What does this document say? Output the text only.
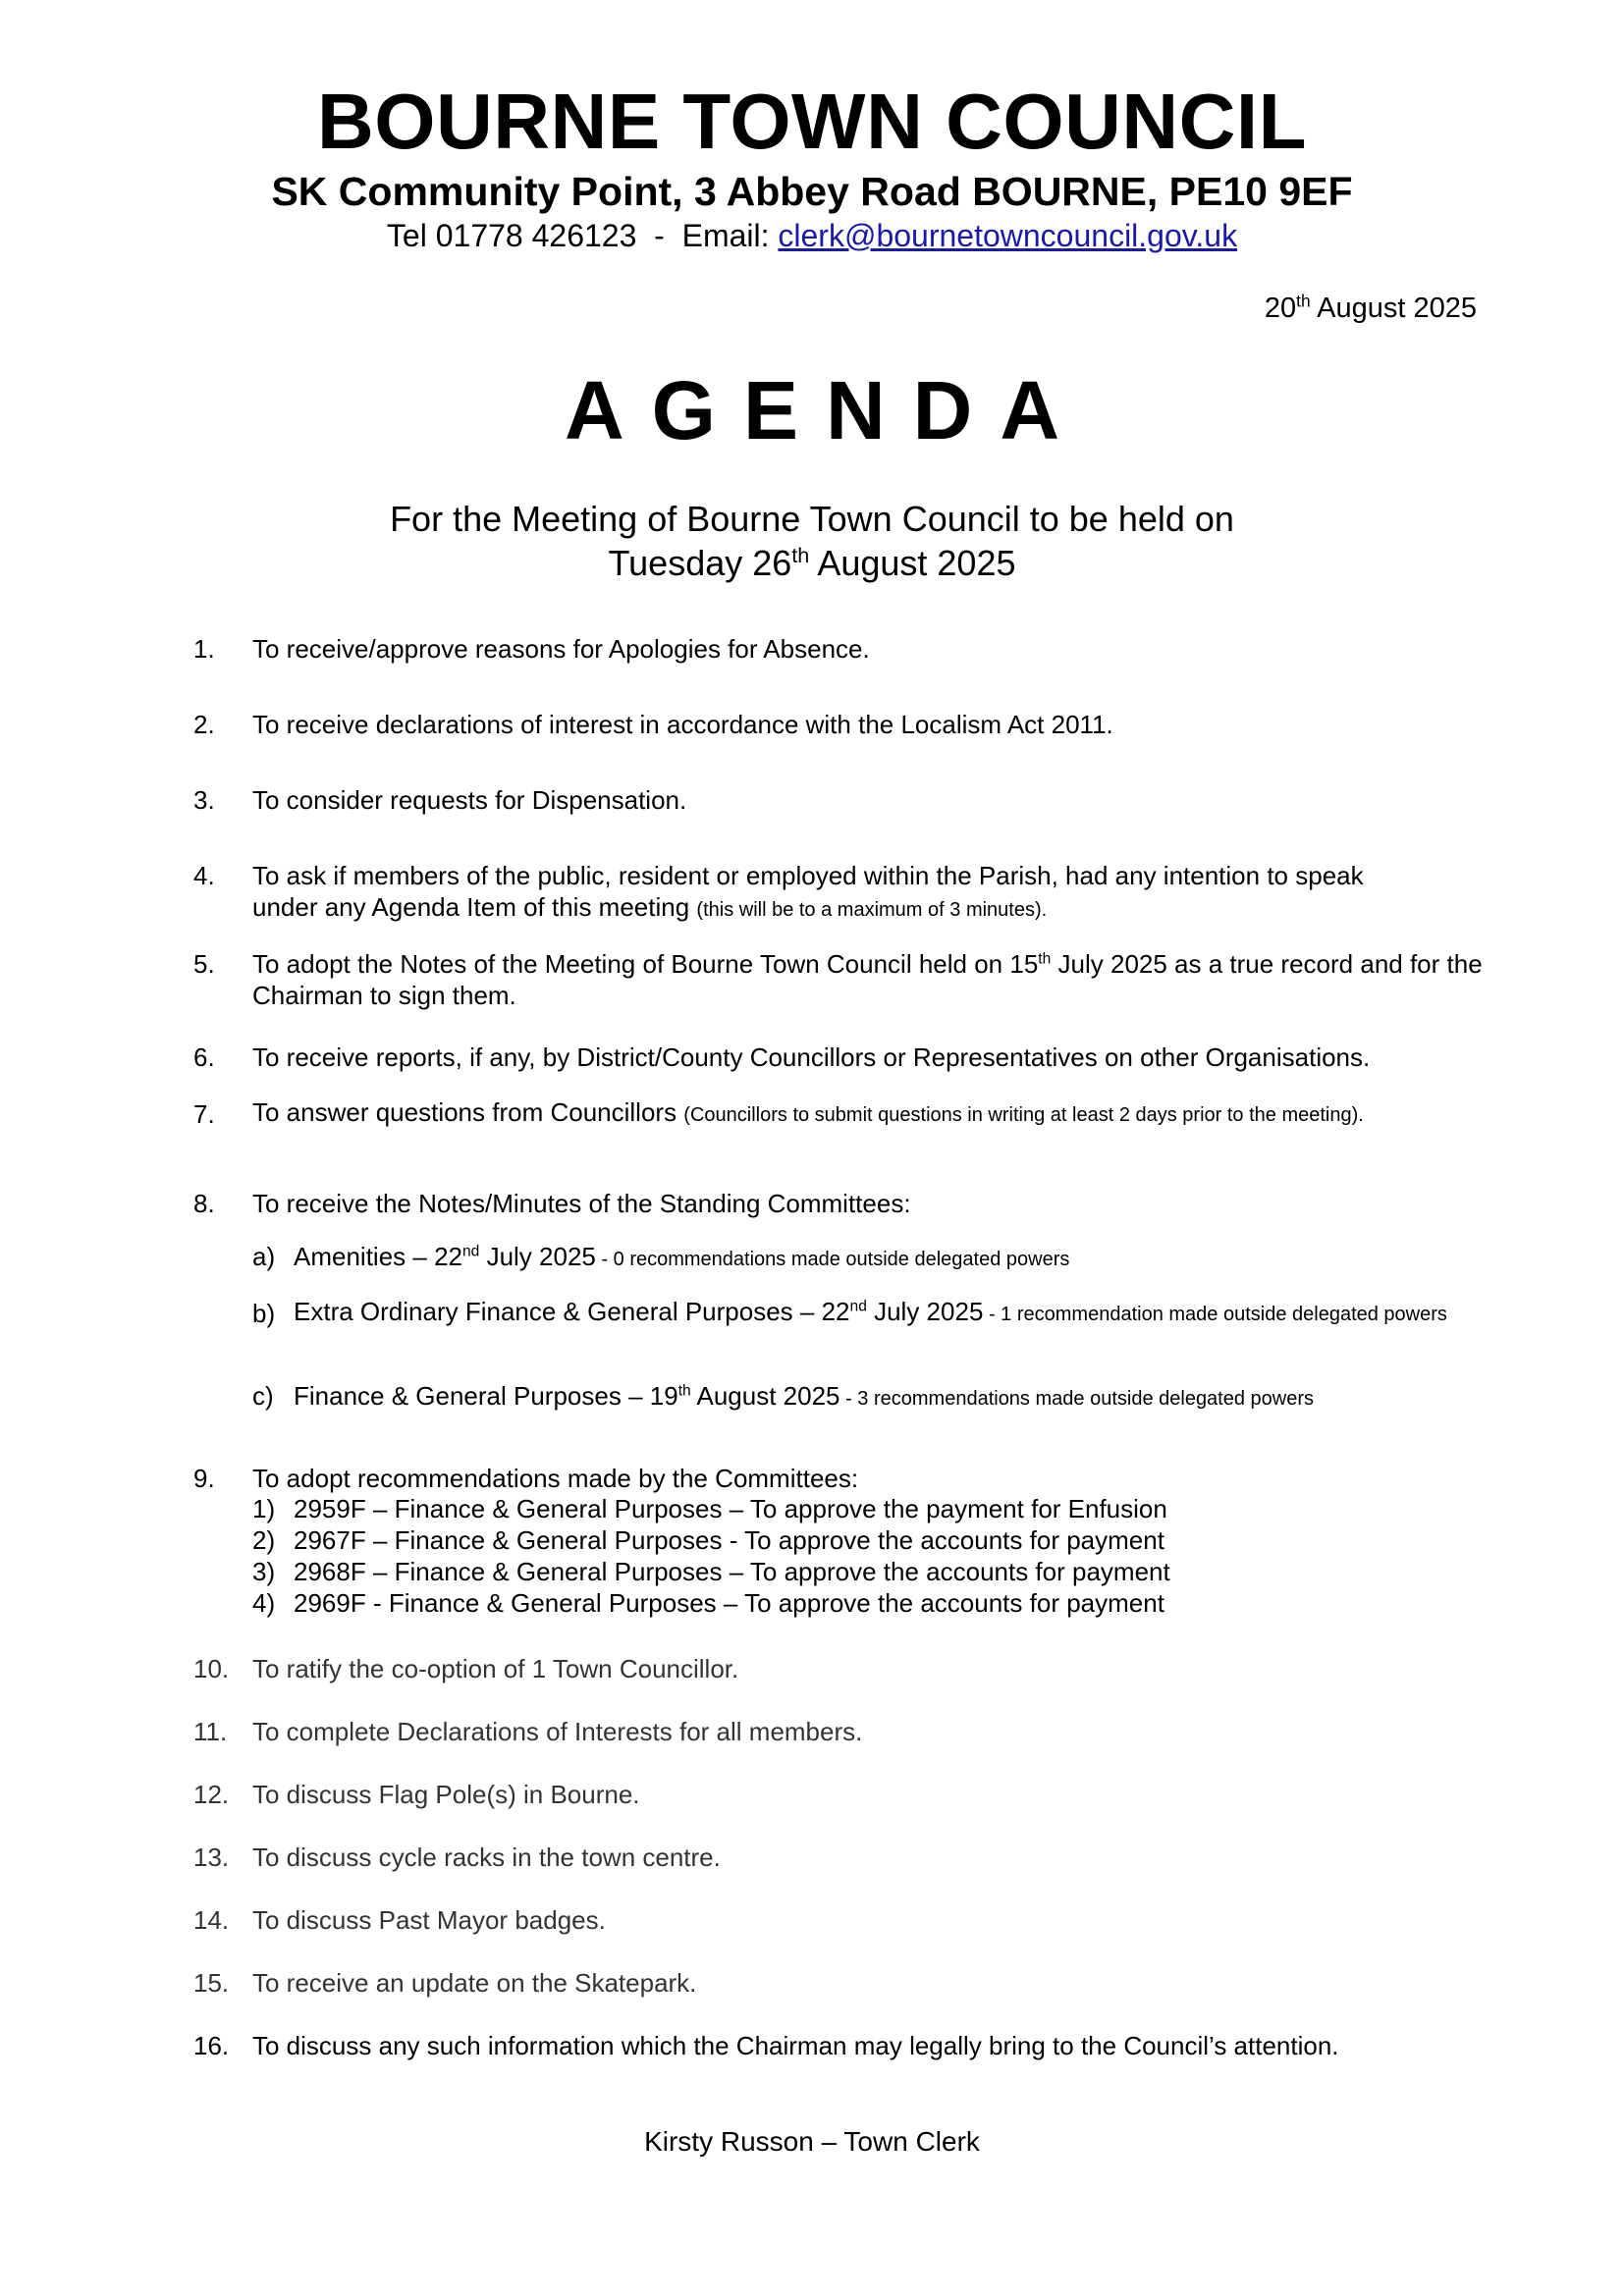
BOURNE TOWN COUNCIL
SK Community Point, 3 Abbey Road BOURNE, PE10 9EF
Tel 01778 426123  -  Email: clerk@bournetowncouncil.gov.uk
20th August 2025
AGENDA
For the Meeting of Bourne Town Council to be held on
Tuesday 26th August 2025
1.	To receive/approve reasons for Apologies for Absence.
2.	To receive declarations of interest in accordance with the Localism Act 2011.
3.	To consider requests for Dispensation.
4.	To ask if members of the public, resident or employed within the Parish, had any intention to speak
under any Agenda Item of this meeting (this will be to a maximum of 3 minutes).
5.	To adopt the Notes of the Meeting of Bourne Town Council held on 15th July 2025 as a true record and for the Chairman to sign them.
6.	To receive reports, if any, by District/County Councillors or Representatives on other Organisations.
7.	To answer questions from Councillors (Councillors to submit questions in writing at least 2 days prior to the meeting).
8.	To receive the Notes/Minutes of the Standing Committees:
a) Amenities – 22nd July 2025 - 0 recommendations made outside delegated powers
b) Extra Ordinary Finance & General Purposes – 22nd July 2025 - 1 recommendation made outside delegated powers
c) Finance & General Purposes – 19th August 2025 - 3 recommendations made outside delegated powers
9.	To adopt recommendations made by the Committees:
1) 2959F – Finance & General Purposes – To approve the payment for Enfusion
2) 2967F – Finance & General Purposes - To approve the accounts for payment
3) 2968F – Finance & General Purposes – To approve the accounts for payment
4) 2969F - Finance & General Purposes – To approve the accounts for payment
10. To ratify the co-option of 1 Town Councillor.
11. To complete Declarations of Interests for all members.
12. To discuss Flag Pole(s) in Bourne.
13. To discuss cycle racks in the town centre.
14. To discuss Past Mayor badges.
15. To receive an update on the Skatepark.
16. To discuss any such information which the Chairman may legally bring to the Council’s attention.
Kirsty Russon – Town Clerk
